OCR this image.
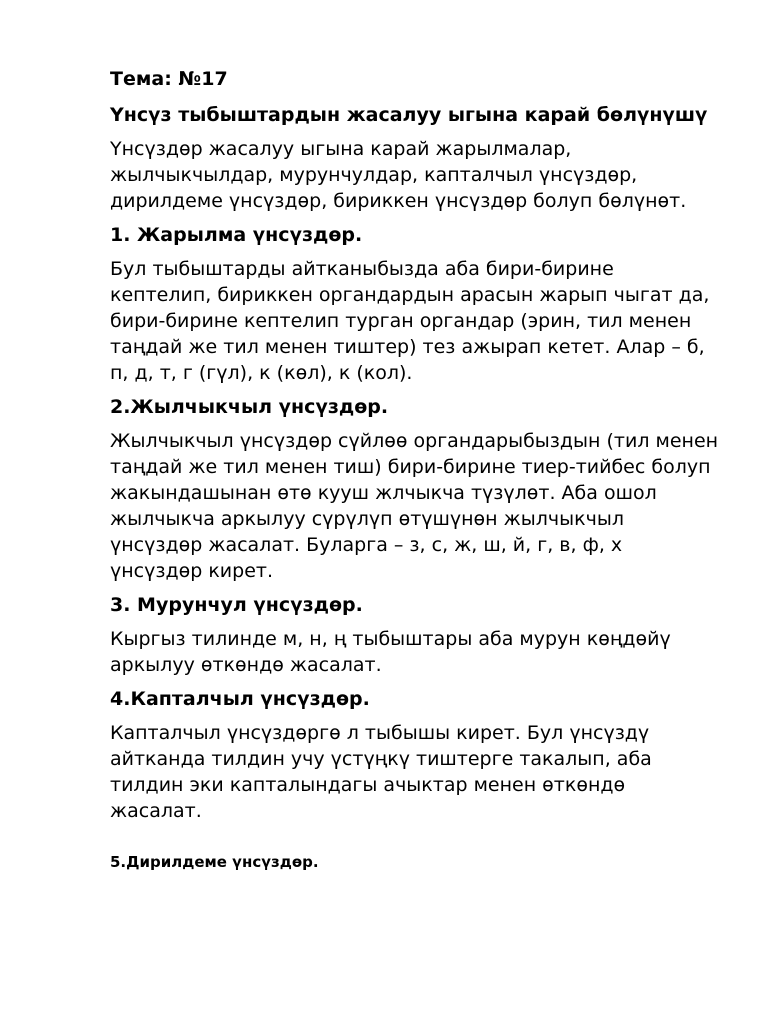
Тема: №17
Үнсүз тыбыштардын жасалуу ыгына карай бөлүнүшү
Үнсүздөр жасалуу ыгына карай жарылмалар, жылчыкчылдар, мурунчулдар, капталчыл үнсүздөр, дирилдеме үнсүздөр, бириккен үнсүздөр болуп бөлүнөт.
1. Жарылма үнсүздөр.
Бул тыбыштарды айтканыбызда аба бири-бирине кептелип, бириккен органдардын арасын жарып чыгат да, бири-бирине кептелип турган органдар (эрин, тил менен таңдай же тил менен тиштер) тез ажырап кетет. Алар – б, п, д, т, г (гүл), к (көл), к (кол).
2.Жылчыкчыл үнсүздөр.
Жылчыкчыл үнсүздөр сүйлөө органдарыбыздын (тил менен таңдай же тил менен тиш) бири-бирине тиер-тийбес болуп жакындашынан өтө кууш жлчыкча түзүлөт. Аба ошол жылчыкча аркылуу сүрүлүп өтүшүнөн жылчыкчыл үнсүздөр жасалат. Буларга – з, с, ж, ш, й, г, в, ф, х үнсүздөр кирет.
3. Мурунчул үнсүздөр.
Кыргыз тилинде м, н, ң тыбыштары аба мурун көңдөйү аркылуу өткөндө жасалат.
4.Капталчыл үнсүздөр.
Капталчыл үнсүздөргө л тыбышы кирет. Бул үнсүздү айтканда тилдин учу үстүңкү тиштерге такалып, аба тилдин эки капталындагы ачыктар менен өткөндө жасалат.
5.Дирилдеме үнсүздөр.
